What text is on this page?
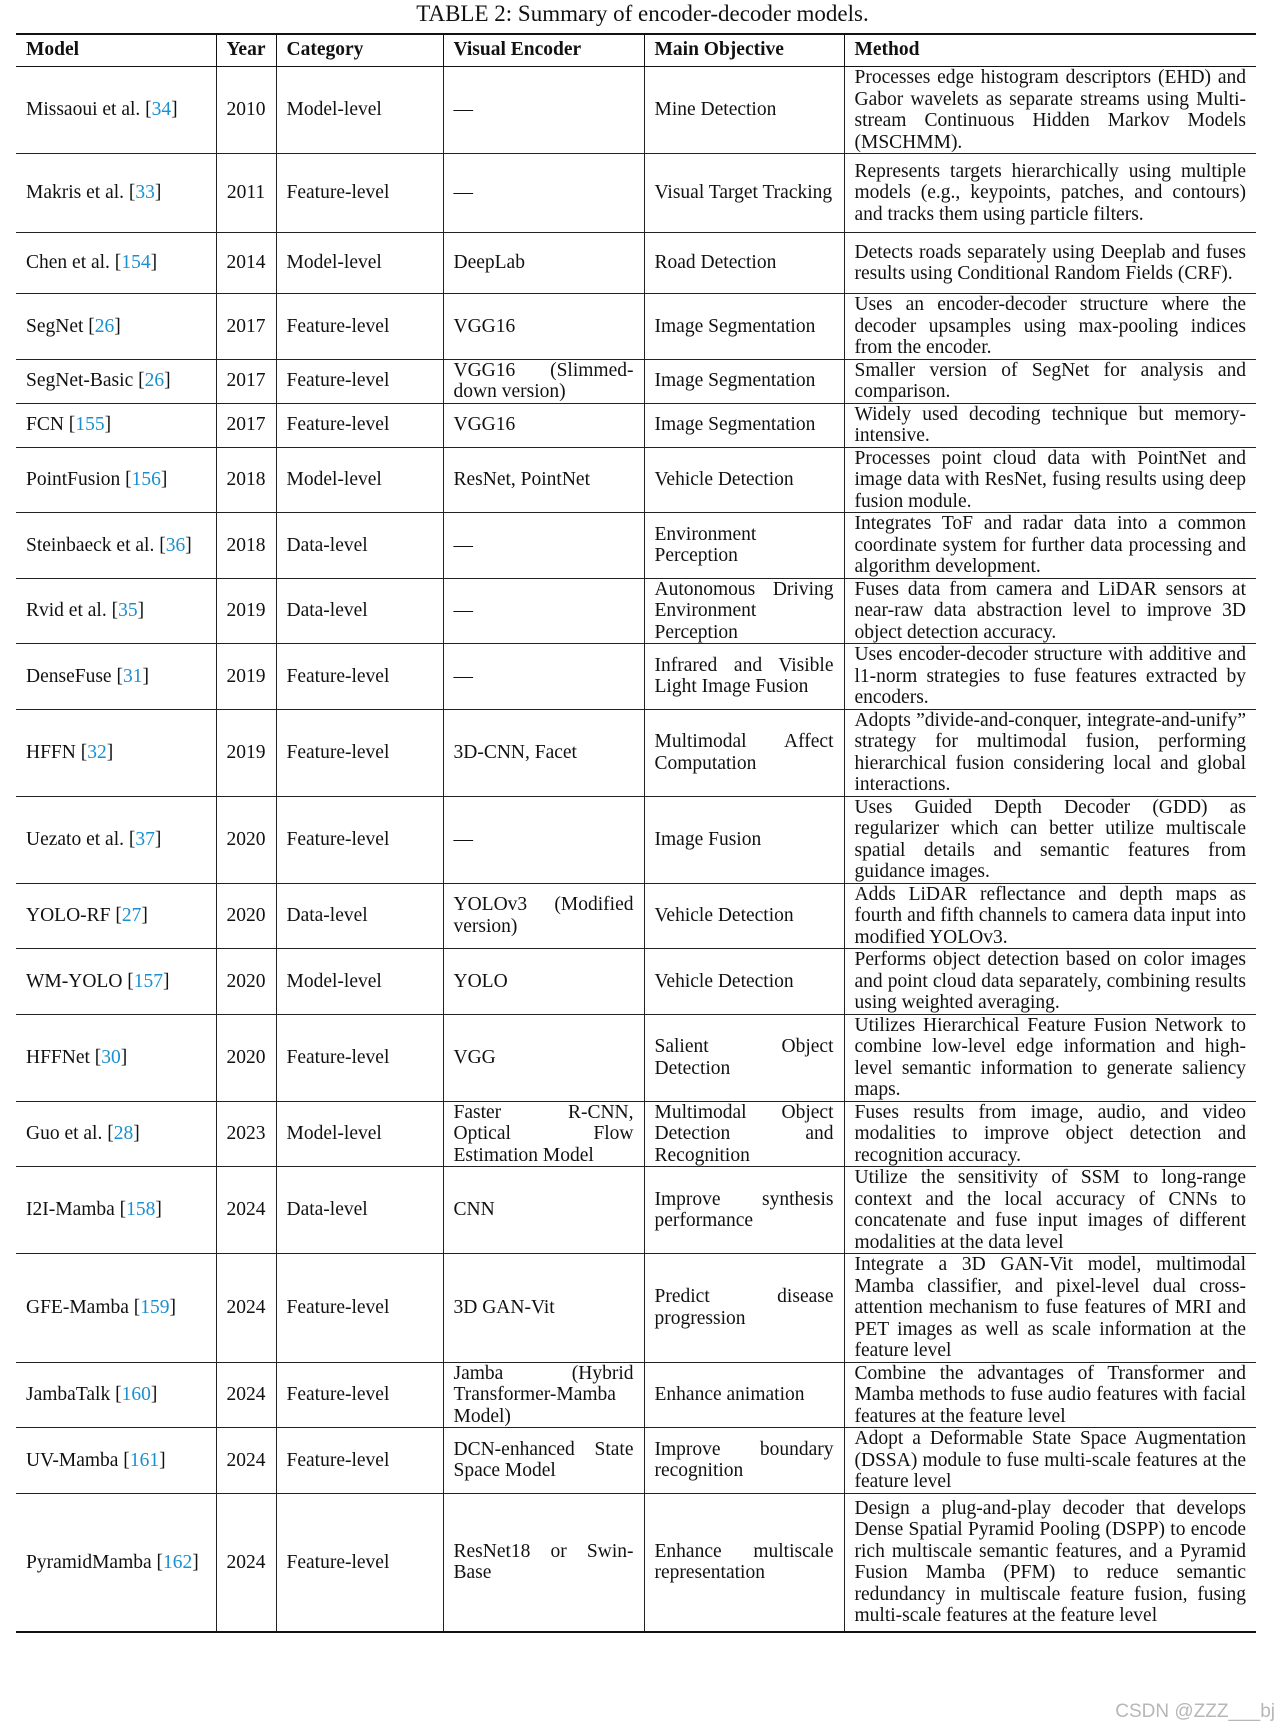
TABLE 2: Summary of encoder-decoder models.
Model	Year	Category	Visual Encoder	Main Objective	Method
Missaoui et al. [34]	2010	Model-level	—	Mine Detection	Processes edge histogram descriptors (EHD) and Gabor wavelets as separate streams using Multi-stream Continuous Hidden Markov Models (MSCHMM).
Makris et al. [33]	2011	Feature-level	—	Visual Target Tracking	Represents targets hierarchically using multiple models (e.g., keypoints, patches, and contours) and tracks them using particle filters.
Chen et al. [154]	2014	Model-level	DeepLab	Road Detection	Detects roads separately using Deeplab and fuses results using Conditional Random Fields (CRF).
SegNet [26]	2017	Feature-level	VGG16	Image Segmentation	Uses an encoder-decoder structure where the decoder upsamples using max-pooling indices from the encoder.
SegNet-Basic [26]	2017	Feature-level	VGG16 (Slimmed-down version)	Image Segmentation	Smaller version of SegNet for analysis and comparison.
FCN [155]	2017	Feature-level	VGG16	Image Segmentation	Widely used decoding technique but memory-intensive.
PointFusion [156]	2018	Model-level	ResNet, PointNet	Vehicle Detection	Processes point cloud data with PointNet and image data with ResNet, fusing results using deep fusion module.
Steinbaeck et al. [36]	2018	Data-level	—	Environment Perception	Integrates ToF and radar data into a common coordinate system for further data processing and algorithm development.
Rvid et al. [35]	2019	Data-level	—	Autonomous Driving Environment Perception	Fuses data from camera and LiDAR sensors at near-raw data abstraction level to improve 3D object detection accuracy.
DenseFuse [31]	2019	Feature-level	—	Infrared and Visible Light Image Fusion	Uses encoder-decoder structure with additive and l1-norm strategies to fuse features extracted by encoders.
HFFN [32]	2019	Feature-level	3D-CNN, Facet	Multimodal Affect Computation	Adopts ”divide-and-conquer, integrate-and-unify” strategy for multimodal fusion, performing hierarchical fusion considering local and global interactions.
Uezato et al. [37]	2020	Feature-level	—	Image Fusion	Uses Guided Depth Decoder (GDD) as regularizer which can better utilize multiscale spatial details and semantic features from guidance images.
YOLO-RF [27]	2020	Data-level	YOLOv3 (Modified version)	Vehicle Detection	Adds LiDAR reflectance and depth maps as fourth and fifth channels to camera data input into modified YOLOv3.
WM-YOLO [157]	2020	Model-level	YOLO	Vehicle Detection	Performs object detection based on color images and point cloud data separately, combining results using weighted averaging.
HFFNet [30]	2020	Feature-level	VGG	Salient Object Detection	Utilizes Hierarchical Feature Fusion Network to combine low-level edge information and high-level semantic information to generate saliency maps.
Guo et al. [28]	2023	Model-level	Faster R-CNN, Optical Flow Estimation Model	Multimodal Object Detection and Recognition	Fuses results from image, audio, and video modalities to improve object detection and recognition accuracy.
I2I-Mamba [158]	2024	Data-level	CNN	Improve synthesis performance	Utilize the sensitivity of SSM to long-range context and the local accuracy of CNNs to concatenate and fuse input images of different modalities at the data level
GFE-Mamba [159]	2024	Feature-level	3D GAN-Vit	Predict disease progression	Integrate a 3D GAN-Vit model, multimodal Mamba classifier, and pixel-level dual cross-attention mechanism to fuse features of MRI and PET images as well as scale information at the feature level
JambaTalk [160]	2024	Feature-level	Jamba (Hybrid Transformer-Mamba Model)	Enhance animation	Combine the advantages of Transformer and Mamba methods to fuse audio features with facial features at the feature level
UV-Mamba [161]	2024	Feature-level	DCN-enhanced State Space Model	Improve boundary recognition	Adopt a Deformable State Space Augmentation (DSSA) module to fuse multi-scale features at the feature level
PyramidMamba [162]	2024	Feature-level	ResNet18 or Swin-Base	Enhance multiscale representation	Design a plug-and-play decoder that develops Dense Spatial Pyramid Pooling (DSPP) to encode rich multiscale semantic features, and a Pyramid Fusion Mamba (PFM) to reduce semantic redundancy in multiscale feature fusion, fusing multi-scale features at the feature level
CSDN @ZZZ___bj
